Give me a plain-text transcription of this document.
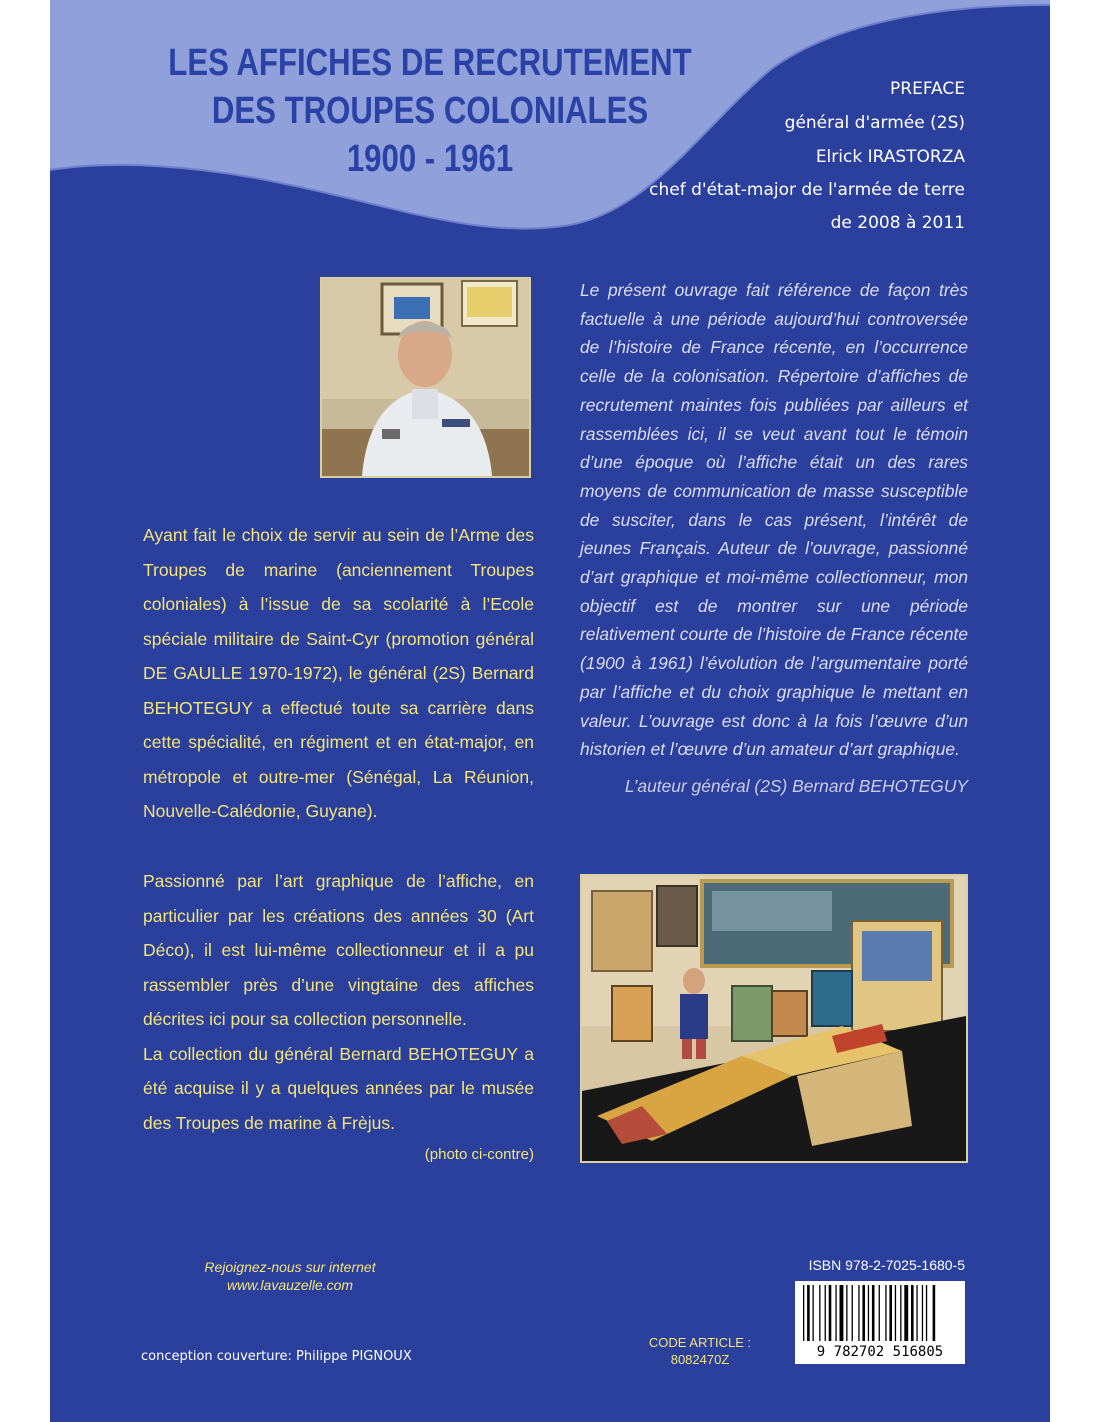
LES AFFICHES DE RECRUTEMENT
DES TROUPES COLONIALES
1900 - 1961
PREFACE
général d'armée (2S)
Elrick IRASTORZA
chef d'état-major de l'armée de terre
de 2008 à 2011
Le présent ouvrage fait référence de façon très factuelle à une période aujourd’hui controversée de l’histoire de France récente, en l’occurrence celle de la colonisation. Répertoire d’affiches de recrutement maintes fois publiées par ailleurs et rassemblées ici, il se veut avant tout le témoin d’une époque où l’affiche était un des rares moyens de communication de masse susceptible de susciter, dans le cas présent, l’intérêt de jeunes Français. Auteur de l’ouvrage, passionné d’art graphique et moi-même collectionneur, mon objectif est de montrer sur une période relativement courte de l’histoire de France récente (1900 à 1961) l’évolution de l’argumentaire porté par l’affiche et du choix graphique le mettant en valeur. L’ouvrage est donc à la fois l’œuvre d’un historien et l’œuvre d’un amateur d’art graphique.
L’auteur général (2S) Bernard BEHOTEGUY

Ayant fait le choix de servir au sein de l’Arme des Troupes de marine (anciennement Troupes coloniales) à l’issue de sa scolarité à l’Ecole spéciale militaire de Saint-Cyr (promotion général DE GAULLE 1970-1972), le général (2S) Bernard BEHOTEGUY a effectué toute sa carrière dans cette spécialité, en régiment et en état-major, en métropole et outre-mer (Sénégal, La Réunion, Nouvelle-Calédonie, Guyane).

Passionné par l’art graphique de l’affiche, en particulier par les créations des années 30 (Art Déco), il est lui-même collectionneur et il a pu rassembler près d’une vingtaine des affiches décrites ici pour sa collection personnelle.

La collection du général Bernard BEHOTEGUY a été acquise il y a quelques années par le musée des Troupes de marine à Frèjus.

(photo ci-contre)
Rejoignez-nous sur internet
www.lavauzelle.com
conception couverture: Philippe PIGNOUX
CODE ARTICLE :
8082470Z
ISBN 978-2-7025-1680-5
9 782702 516805
